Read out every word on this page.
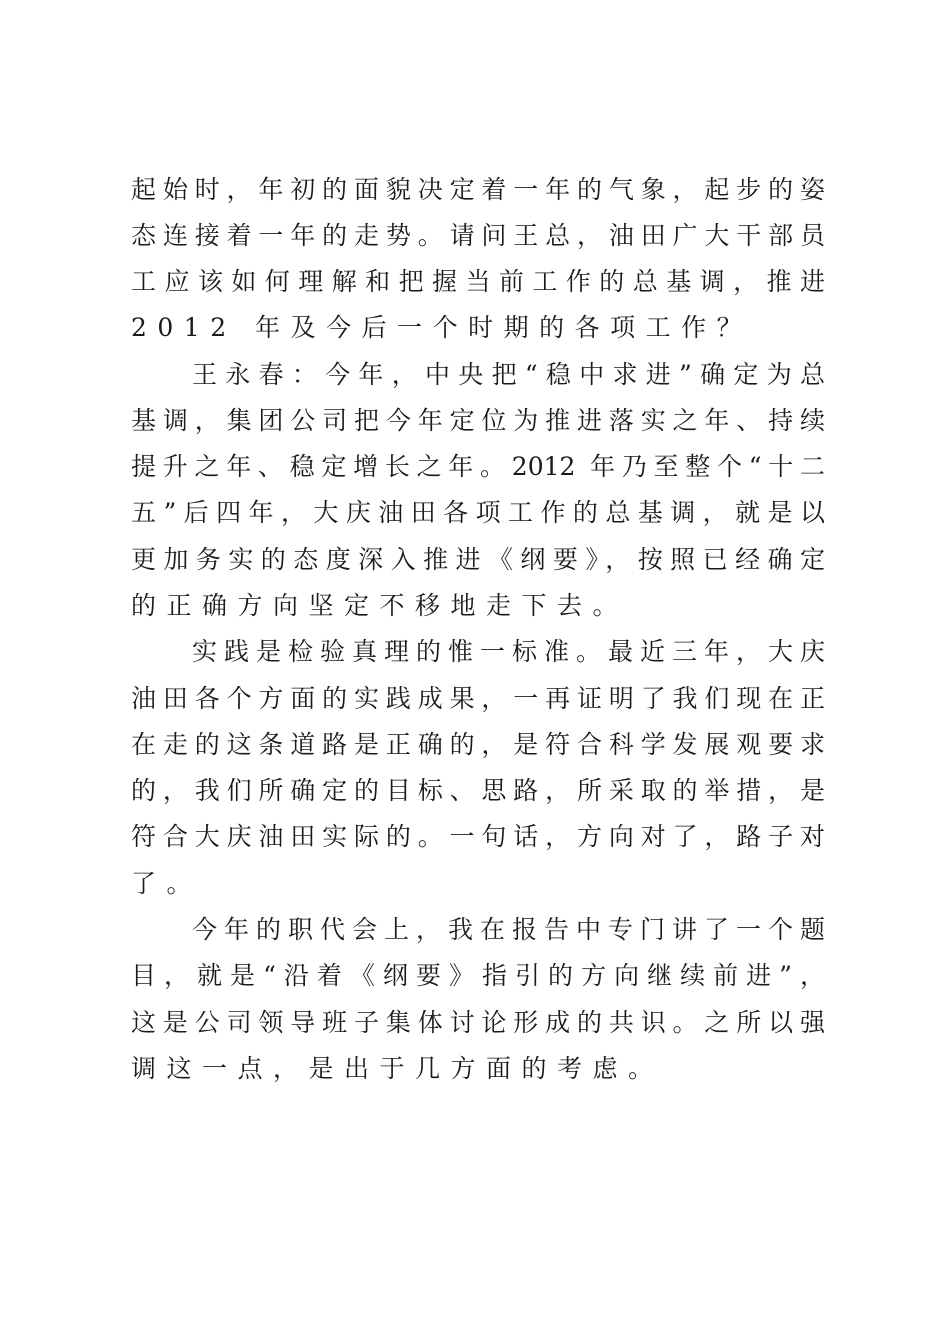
起始时，年初的面貌决定着一年的气象，起步的姿
态连接着一年的走势。请问王总，油田广大干部员
工应该如何理解和把握当前工作的总基调，推进
2012 年及今后一个时期的各项工作？
王永春：今年，中央把“稳中求进”确定为总
基调，集团公司把今年定位为推进落实之年、持续
提升之年、稳定增长之年。2012 年乃至整个“十二
五”后四年，大庆油田各项工作的总基调，就是以
更加务实的态度深入推进《纲要》，按照已经确定
的正确方向坚定不移地走下去。
实践是检验真理的惟一标准。最近三年，大庆
油田各个方面的实践成果，一再证明了我们现在正
在走的这条道路是正确的，是符合科学发展观要求
的，我们所确定的目标、思路，所采取的举措，是
符合大庆油田实际的。一句话，方向对了，路子对
了。
今年的职代会上，我在报告中专门讲了一个题
目，就是“沿着《纲要》指引的方向继续前进”，
这是公司领导班子集体讨论形成的共识。之所以强
调这一点，是出于几方面的考虑。
